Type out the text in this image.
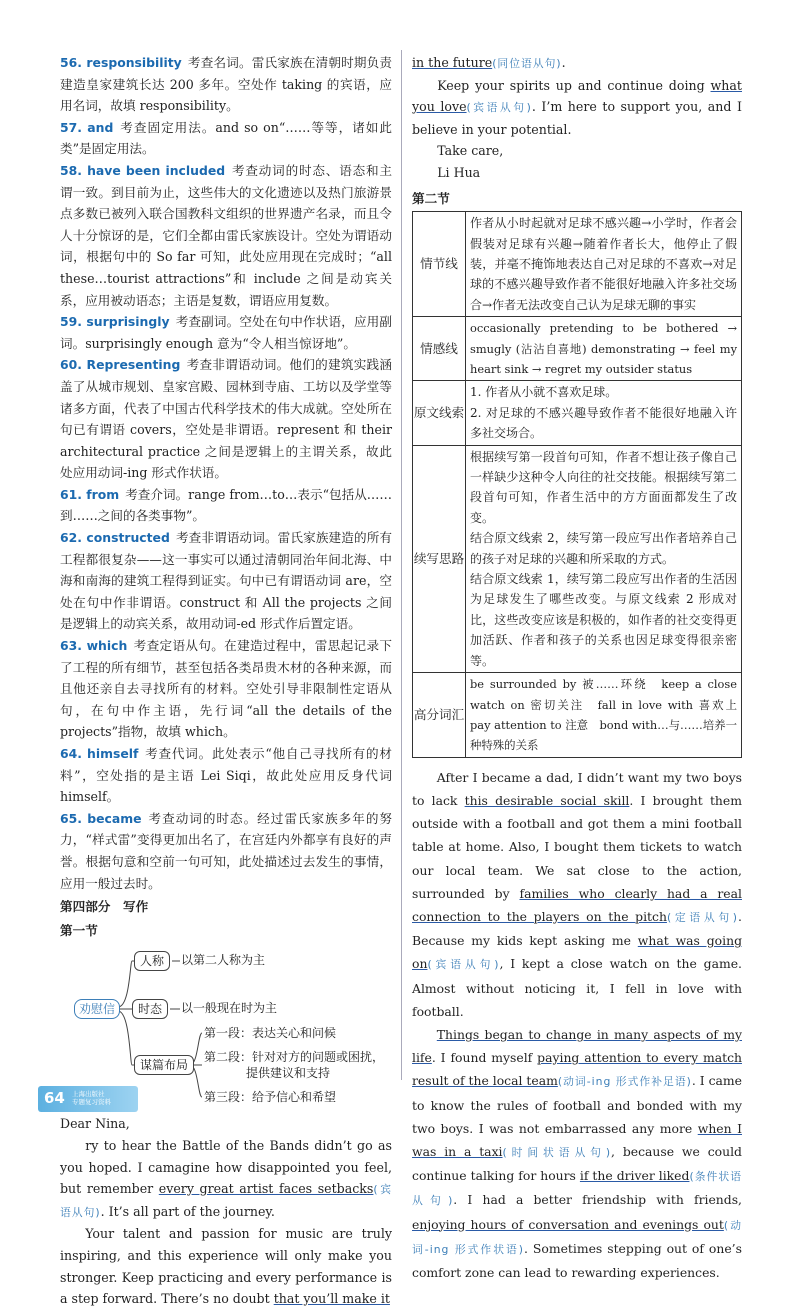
56. responsibility 考查名词。雷氏家族在清朝时期负责建造皇家建筑长达 200 多年。空处作 taking 的宾语，应用名词，故填 responsibility。

57. and 考查固定用法。and so on“……等等，诸如此类”是固定用法。

58. have been included 考查动词的时态、语态和主谓一致。到目前为止，这些伟大的文化遗迹以及热门旅游景点多数已被列入联合国教科文组织的世界遗产名录，而且令人十分惊讶的是，它们全都由雷氏家族设计。空处为谓语动词，根据句中的 So far 可知，此处应用现在完成时；“all these…tourist attractions”和 include 之间是动宾关系，应用被动语态；主语是复数，谓语应用复数。

59. surprisingly 考查副词。空处在句中作状语，应用副词。surprisingly enough 意为“令人相当惊讶地”。

60. Representing 考查非谓语动词。他们的建筑实践涵盖了从城市规划、皇家宫殿、园林到寺庙、工坊以及学堂等诸多方面，代表了中国古代科学技术的伟大成就。空处所在句已有谓语 covers，空处是非谓语。represent 和 their architectural practice 之间是逻辑上的主谓关系，故此处应用动词-ing 形式作状语。

61. from 考查介词。range from…to…表示“包括从……到……之间的各类事物”。

62. constructed 考查非谓语动词。雷氏家族建造的所有工程都很复杂——这一事实可以通过清朝同治年间北海、中海和南海的建筑工程得到证实。句中已有谓语动词 are，空处在句中作非谓语。construct 和 All the projects 之间是逻辑上的动宾关系，故用动词-ed 形式作后置定语。

63. which 考查定语从句。在建造过程中，雷思起记录下了工程的所有细节，甚至包括各类昂贵木材的各种来源，而且他还亲自去寻找所有的材料。空处引导非限制性定语从句，在句中作主语，先行词“all the details of the projects”指物，故填 which。

64. himself 考查代词。此处表示“他自己寻找所有的材料”，空处指的是主语 Lei Siqi，故此处应用反身代词 himself。

65. became 考查动词的时态。经过雷氏家族多年的努力，“样式雷”变得更加出名了，在宫廷内外都享有良好的声誉。根据句意和空前一句可知，此处描述过去发生的事情，应用一般过去时。

第四部分　写作

第一节

劝慰信
人称	以第二人称为主
时态	以一般现在时为主
谋篇布局
第一段：表达关心和问候
第二段：针对对方的问题或困扰，
提供建议和支持
第三段：给予信心和希望

Dear Nina,

ry to hear the Battle of the Bands didn’t go as you hoped. I camagine how disappointed you feel, but remember every great artist faces setbacks(宾语从句). It’s all part of the journey.

Your talent and passion for music are truly inspiring, and this experience will only make you stronger. Keep practicing and every performance is a step forward. There’s no doubt that you’ll make it

in the future(同位语从句).

Keep your spirits up and continue doing what you love(宾语从句). I’m here to support you, and I believe in your potential.

Take care,

Li Hua

第二节

情节线	作者从小时起就对足球不感兴趣→小学时，作者会假装对足球有兴趣→随着作者长大，他停止了假装，并毫不掩饰地表达自己对足球的不喜欢→对足球的不感兴趣导致作者不能很好地融入许多社交场合→作者无法改变自己认为足球无聊的事实
情感线	occasionally pretending to be bothered → smugly (沾沾自喜地) demonstrating → feel my heart sink → regret my outsider status
原文线索	1. 作者从小就不喜欢足球。
2. 对足球的不感兴趣导致作者不能很好地融入许多社交场合。
续写思路	根据续写第一段首句可知，作者不想让孩子像自己一样缺少这种令人向往的社交技能。根据续写第二段首句可知，作者生活中的方方面面都发生了改变。
结合原文线索 2，续写第一段应写出作者培养自己的孩子对足球的兴趣和所采取的方式。
结合原文线索 1，续写第二段应写出作者的生活因为足球发生了哪些改变。与原文线索 2 形成对比，这些改变应该是积极的，如作者的社交变得更加活跃、作者和孩子的关系也因足球变得很亲密等。
高分词汇	be surrounded by 被……环绕　keep a close watch on 密切关注　fall in love with 喜欢上　pay attention to 注意　bond with…与……培养一种特殊的关系

After I became a dad, I didn’t want my two boys to lack this desirable social skill. I brought them outside with a football and got them a mini football table at home. Also, I bought them tickets to watch our local team. We sat close to the action, surrounded by families who clearly had a real connection to the players on the pitch(定语从句). Because my kids kept asking me what was going on(宾语从句), I kept a close watch on the game. Almost without noticing it, I fell in love with football.

Things began to change in many aspects of my life. I found myself paying attention to every match result of the local team(动词-ing 形式作补足语). I came to know the rules of football and bonded with my two boys. I was not embarrassed any more when I was in a taxi(时间状语从句), because we could continue talking for hours if the driver liked(条件状语从句). I had a better friendship with friends, enjoying hours of conversation and evenings out(动词-ing 形式作状语). Sometimes stepping out of one’s comfort zone can lead to rewarding experiences.

64 上海出版社
专题复习资料
